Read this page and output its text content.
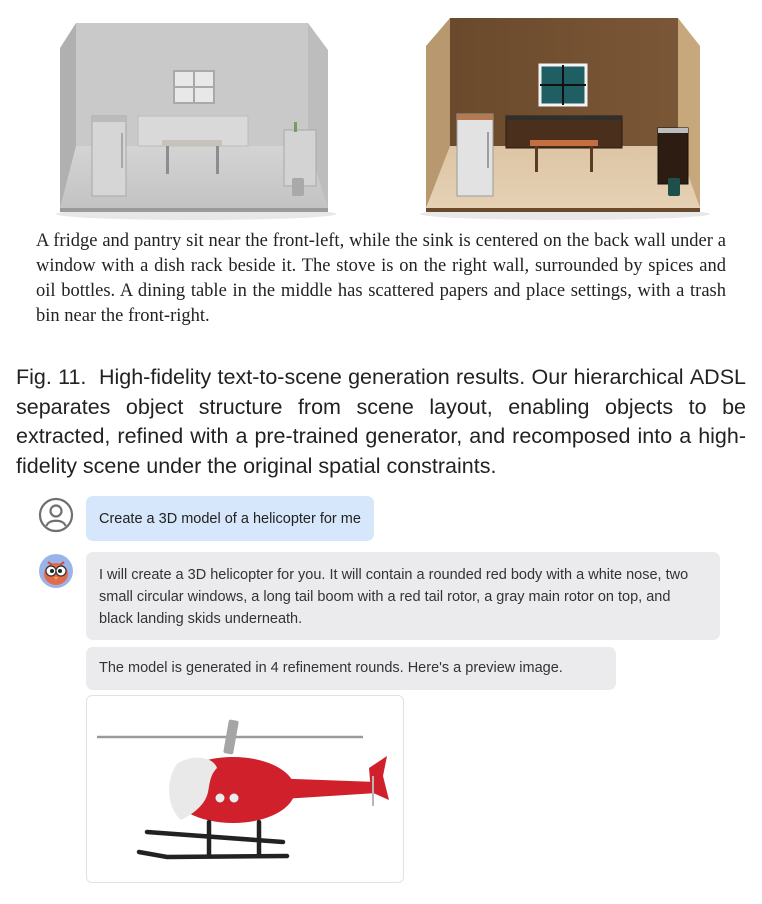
A fridge and pantry sit near the front-left, while the sink is centered on the back wall under a window with a dish rack beside it. The stove is on the right wall, surrounded by spices and oil bottles. A dining table in the middle has scattered papers and place settings, with a trash bin near the front-right.
Fig. 11. High-fidelity text-to-scene generation results. Our hierarchical ADSL separates object structure from scene layout, enabling objects to be extracted, refined with a pre-trained generator, and recomposed into a high-fidelity scene under the original spatial constraints.
Create a 3D model of a helicopter for me
I will create a 3D helicopter for you. It will contain a rounded red body with a white nose, two small circular windows, a long tail boom with a red tail rotor, a gray main rotor on top, and black landing skids underneath.
The model is generated in 4 refinement rounds. Here's a preview image.
